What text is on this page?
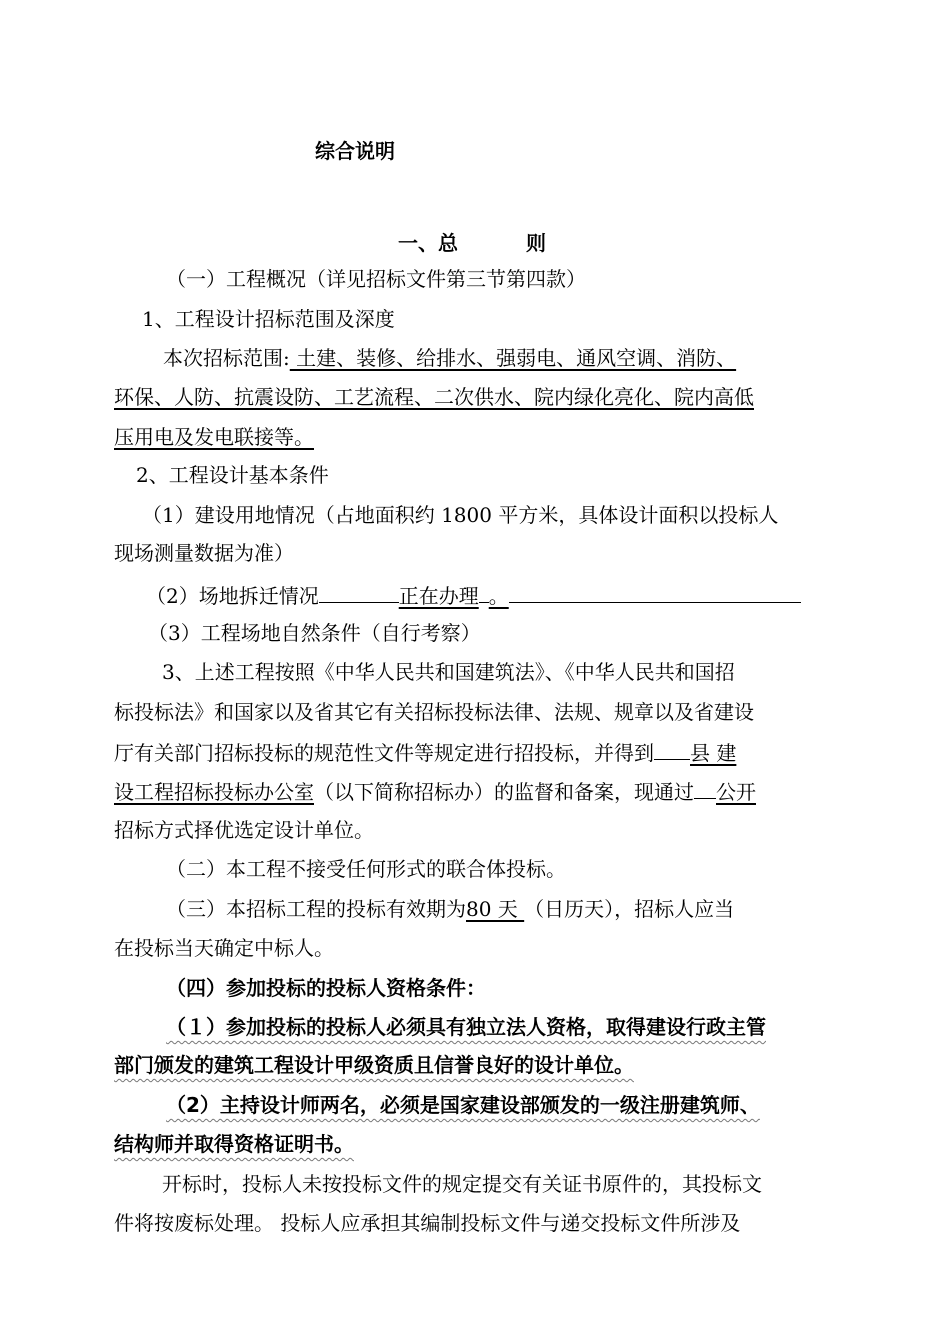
综合说明
一、总	则
（一）工程概况（详见招标文件第三节第四款）
1、工程设计招标范围及深度
本次招标范围: 土建、装修、给排水、强弱电、通风空调、消防、
环保、人防、抗震设防、工艺流程、二次供水、院内绿化亮化、院内高低
压用电及发电联接等。
2、工程设计基本条件
（1）建设用地情况（占地面积约 1800 平方米，具体设计面积以投标人
现场测量数据为准）
（2）场地拆迁情况	正在办理 。
（3）工程场地自然条件（自行考察）
3、上述工程按照《中华人民共和国建筑法》、《中华人民共和国招
标投标法》和国家以及省其它有关招标投标法律、法规、规章以及省建设
厅有关部门招标投标的规范性文件等规定进行招投标，并得到 县 建
设工程招标投标办公室（以下简称招标办）的监督和备案，现通过 公开
招标方式择优选定设计单位。
（二）本工程不接受任何形式的联合体投标。
（三）本招标工程的投标有效期为80 天 （日历天），招标人应当
在投标当天确定中标人。
（四）参加投标的投标人资格条件：
（１）参加投标的投标人必须具有独立法人资格，取得建设行政主管
部门颁发的建筑工程设计甲级资质且信誉良好的设计单位。
（2）主持设计师两名，必须是国家建设部颁发的一级注册建筑师、
结构师并取得资格证明书。
开标时，投标人未按投标文件的规定提交有关证书原件的，其投标文
件将按废标处理。 投标人应承担其编制投标文件与递交投标文件所涉及
